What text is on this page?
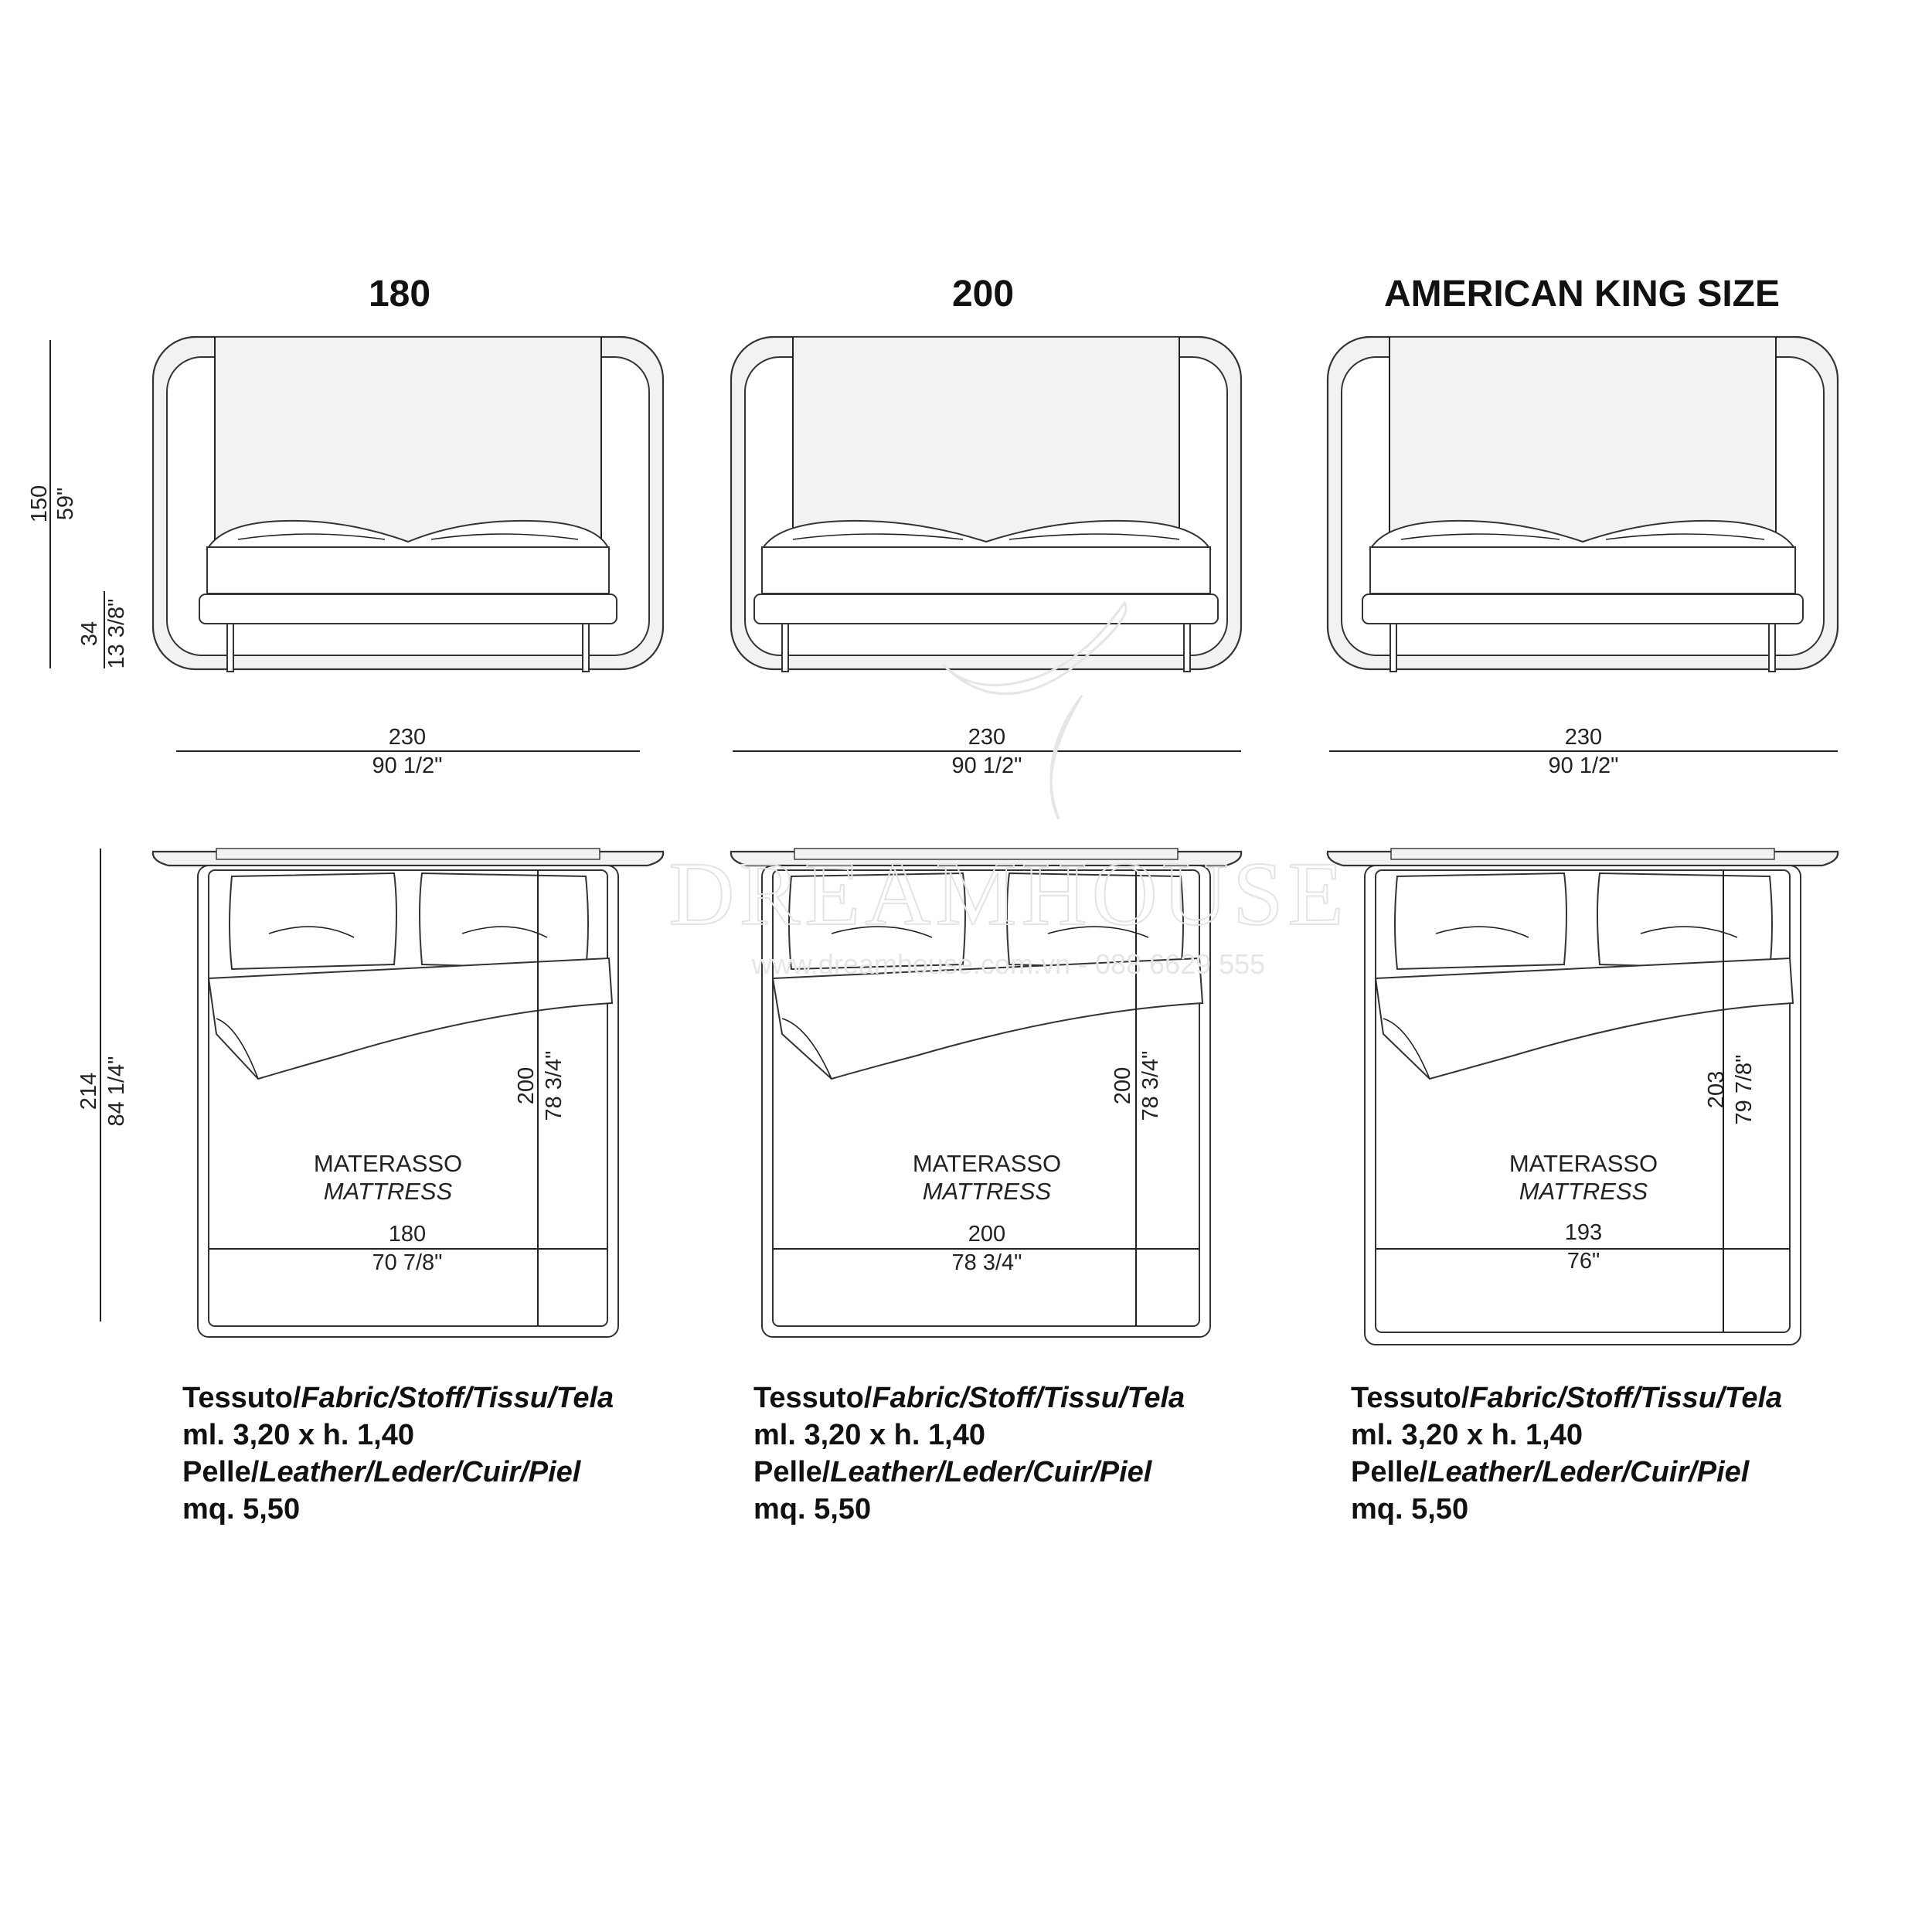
180	200	AMERICAN KING SIZE
150 59"
34 13 3/8"
230
90 1/2"
230
90 1/2"
230
90 1/2"
214 84 1/4"	200 78 3/4"
MATERASSO
MATTRESS
180
70 7/8"
200 78 3/4"
MATERASSO
MATTRESS
200
78 3/4"
203 79 7/8"
MATERASSO
MATTRESS
193
76"
DREAMHOUSE
www.dreamhouse.com.vn - 088 6629 555
Tessuto/Fabric/Stoff/Tissu/Tela
ml. 3,20 x h. 1,40
Pelle/Leather/Leder/Cuir/Piel
mq. 5,50
Tessuto/Fabric/Stoff/Tissu/Tela
ml. 3,20 x h. 1,40
Pelle/Leather/Leder/Cuir/Piel
mq. 5,50
Tessuto/Fabric/Stoff/Tissu/Tela
ml. 3,20 x h. 1,40
Pelle/Leather/Leder/Cuir/Piel
mq. 5,50
